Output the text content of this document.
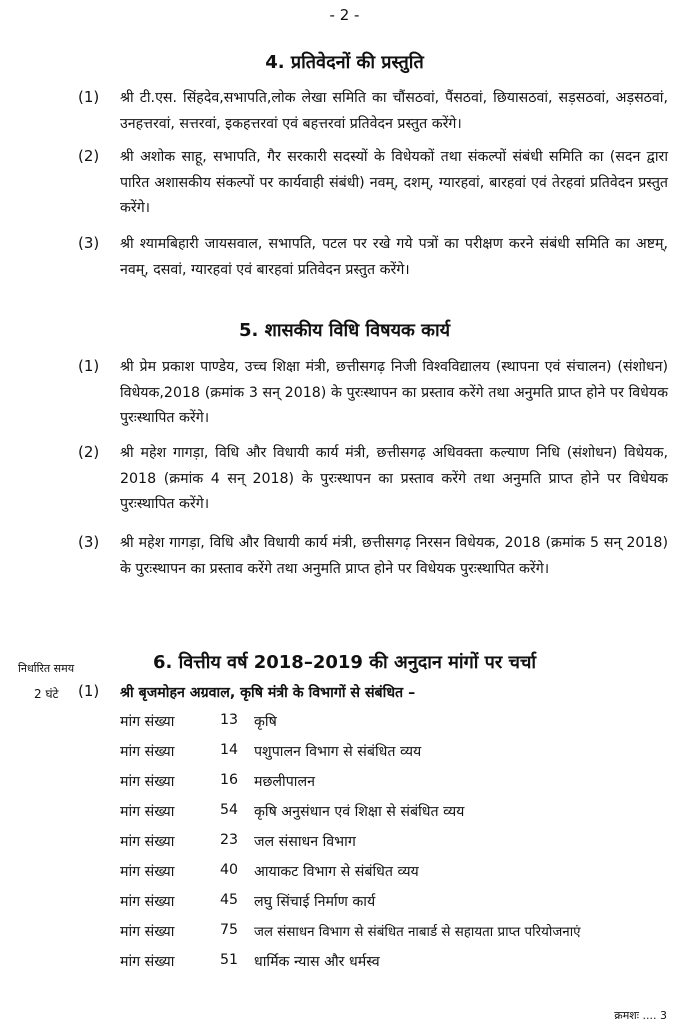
- 2 -
4. प्रतिवेदनों की प्रस्तुति
(1) श्री टी.एस. सिंहदेव,सभापति,लोक लेखा समिति का चौंसठवां, पैंसठवां, छियासठवां, सड़सठवां, अड़सठवां, उनहत्तरवां, सत्तरवां, इकहत्तरवां एवं बहत्तरवां प्रतिवेदन प्रस्तुत करेंगे।
(2) श्री अशोक साहू, सभापति, गैर सरकारी सदस्यों के विधेयकों तथा संकल्पों संबंधी समिति का (सदन द्वारा पारित अशासकीय संकल्पों पर कार्यवाही संबंधी) नवम्, दशम्, ग्यारहवां, बारहवां एवं तेरहवां प्रतिवेदन प्रस्तुत करेंगे।
(3) श्री श्यामबिहारी जायसवाल, सभापति, पटल पर रखे गये पत्रों का परीक्षण करने संबंधी समिति का अष्टम्, नवम्, दसवां, ग्यारहवां एवं बारहवां प्रतिवेदन प्रस्तुत करेंगे।
5. शासकीय विधि विषयक कार्य
(1) श्री प्रेम प्रकाश पाण्डेय, उच्च शिक्षा मंत्री, छत्तीसगढ़ निजी विश्वविद्यालय (स्थापना एवं संचालन) (संशोधन) विधेयक,2018 (क्रमांक 3 सन् 2018) के पुरःस्थापन का प्रस्ताव करेंगे तथा अनुमति प्राप्त होने पर विधेयक पुरःस्थापित करेंगे।
(2) श्री महेश गागड़ा, विधि और विधायी कार्य मंत्री, छत्तीसगढ़ अधिवक्ता कल्याण निधि (संशोधन) विधेयक, 2018 (क्रमांक 4 सन् 2018) के पुरःस्थापन का प्रस्ताव करेंगे तथा अनुमति प्राप्त होने पर विधेयक पुरःस्थापित करेंगे।
(3) श्री महेश गागड़ा, विधि और विधायी कार्य मंत्री, छत्तीसगढ़ निरसन विधेयक, 2018 (क्रमांक 5 सन् 2018) के पुरःस्थापन का प्रस्ताव करेंगे तथा अनुमति प्राप्त होने पर विधेयक पुरःस्थापित करेंगे।
निर्धारित समय	6. वित्तीय वर्ष 2018–2019 की अनुदान मांगों पर चर्चा
2 घंटे (1) श्री बृजमोहन अग्रवाल, कृषि मंत्री के विभागों से संबंधित –
मांग संख्या	13 कृषि
मांग संख्या	14 पशुपालन विभाग से संबंधित व्यय
मांग संख्या	16 मछलीपालन
मांग संख्या	54 कृषि अनुसंधान एवं शिक्षा से संबंधित व्यय
मांग संख्या	23 जल संसाधन विभाग
मांग संख्या	40 आयाकट विभाग से संबंधित व्यय
मांग संख्या	45 लघु सिंचाई निर्माण कार्य
मांग संख्या	75 जल संसाधन विभाग से संबंधित नाबार्ड से सहायता प्राप्त परियोजनाएं
मांग संख्या	51 धार्मिक न्यास और धर्मस्व
क्रमशः .... 3
